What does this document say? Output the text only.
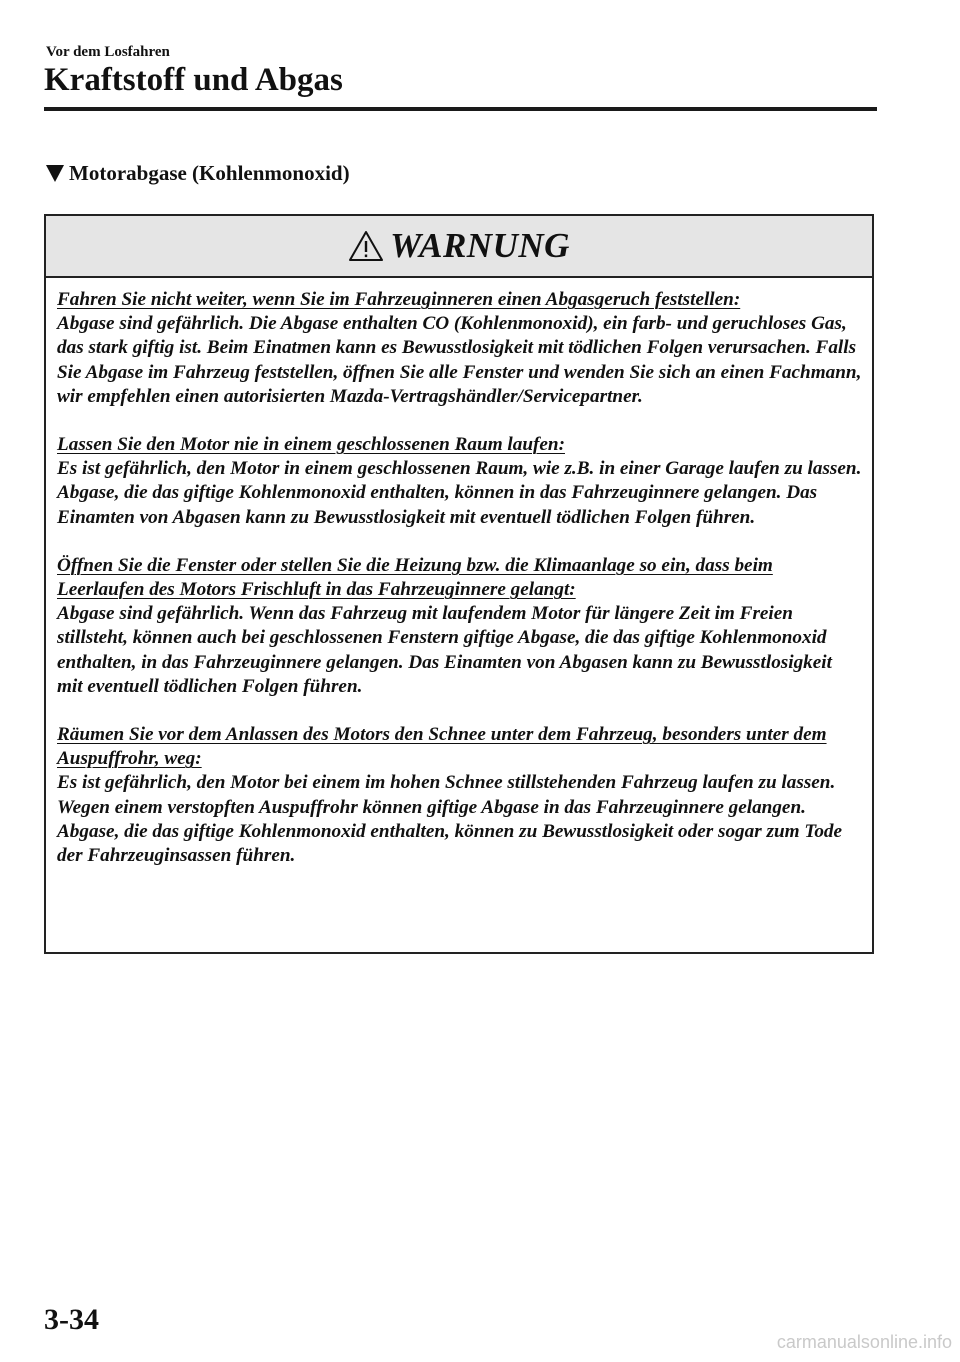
Vor dem Losfahren

Kraftstoff und Abgas
Motorabgase (Kohlenmonoxid)
WARNUNG
Fahren Sie nicht weiter, wenn Sie im Fahrzeuginneren einen Abgasgeruch feststellen:
Abgase sind gefährlich. Die Abgase enthalten CO (Kohlenmonoxid), ein farb- und geruchloses Gas, das stark giftig ist. Beim Einatmen kann es Bewusstlosigkeit mit tödlichen Folgen verursachen. Falls Sie Abgase im Fahrzeug feststellen, öffnen Sie alle Fenster und wenden Sie sich an einen Fachmann, wir empfehlen einen autorisierten Mazda-Vertragshändler/Servicepartner.
Lassen Sie den Motor nie in einem geschlossenen Raum laufen:
Es ist gefährlich, den Motor in einem geschlossenen Raum, wie z.B. in einer Garage laufen zu lassen. Abgase, die das giftige Kohlenmonoxid enthalten, können in das Fahrzeuginnere gelangen. Das Einamten von Abgasen kann zu Bewusstlosigkeit mit eventuell tödlichen Folgen führen.
Öffnen Sie die Fenster oder stellen Sie die Heizung bzw. die Klimaanlage so ein, dass beim Leerlaufen des Motors Frischluft in das Fahrzeuginnere gelangt:
Abgase sind gefährlich. Wenn das Fahrzeug mit laufendem Motor für längere Zeit im Freien stillsteht, können auch bei geschlossenen Fenstern giftige Abgase, die das giftige Kohlenmonoxid enthalten, in das Fahrzeuginnere gelangen. Das Einamten von Abgasen kann zu Bewusstlosigkeit mit eventuell tödlichen Folgen führen.
Räumen Sie vor dem Anlassen des Motors den Schnee unter dem Fahrzeug, besonders unter dem Auspuffrohr, weg:
Es ist gefährlich, den Motor bei einem im hohen Schnee stillstehenden Fahrzeug laufen zu lassen. Wegen einem verstopften Auspuffrohr können giftige Abgase in das Fahrzeuginnere gelangen. Abgase, die das giftige Kohlenmonoxid enthalten, können zu Bewusstlosigkeit oder sogar zum Tode der Fahrzeuginsassen führen.

3-34

carmanualsonline.info
